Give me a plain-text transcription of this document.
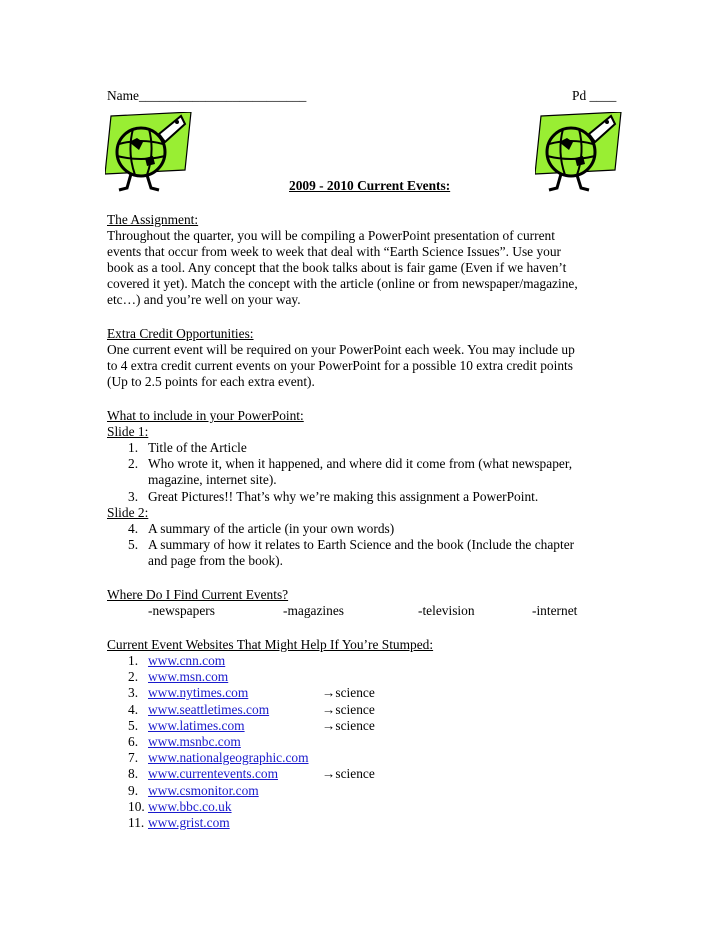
Name_________________________	Pd ____
2009 - 2010 Current Events:
The Assignment:
Throughout the quarter, you will be compiling a PowerPoint presentation of current
events that occur from week to week that deal with “Earth Science Issues”. Use your
book as a tool. Any concept that the book talks about is fair game (Even if we haven’t
covered it yet). Match the concept with the article (online or from newspaper/magazine,
etc…) and you’re well on your way.
Extra Credit Opportunities:
One current event will be required on your PowerPoint each week. You may include up
to 4 extra credit current events on your PowerPoint for a possible 10 extra credit points
(Up to 2.5 points for each extra event).
What to include in your PowerPoint:
Slide 1:
1. Title of the Article
2. Who wrote it, when it happened, and where did it come from (what newspaper,
magazine, internet site).
3. Great Pictures!! That’s why we’re making this assignment a PowerPoint.
Slide 2:
4. A summary of the article (in your own words)
5. A summary of how it relates to Earth Science and the book (Include the chapter
and page from the book).
Where Do I Find Current Events?
-newspapers	-magazines	-television	-internet
Current Event Websites That Might Help If You’re Stumped:
1. www.cnn.com
2. www.msn.com
3. www.nytimes.com	→science
4. www.seattletimes.com	→science
5. www.latimes.com	→science
6. www.msnbc.com
7. www.nationalgeographic.com
8. www.currentevents.com	→science
9. www.csmonitor.com
10. www.bbc.co.uk
11. www.grist.com
